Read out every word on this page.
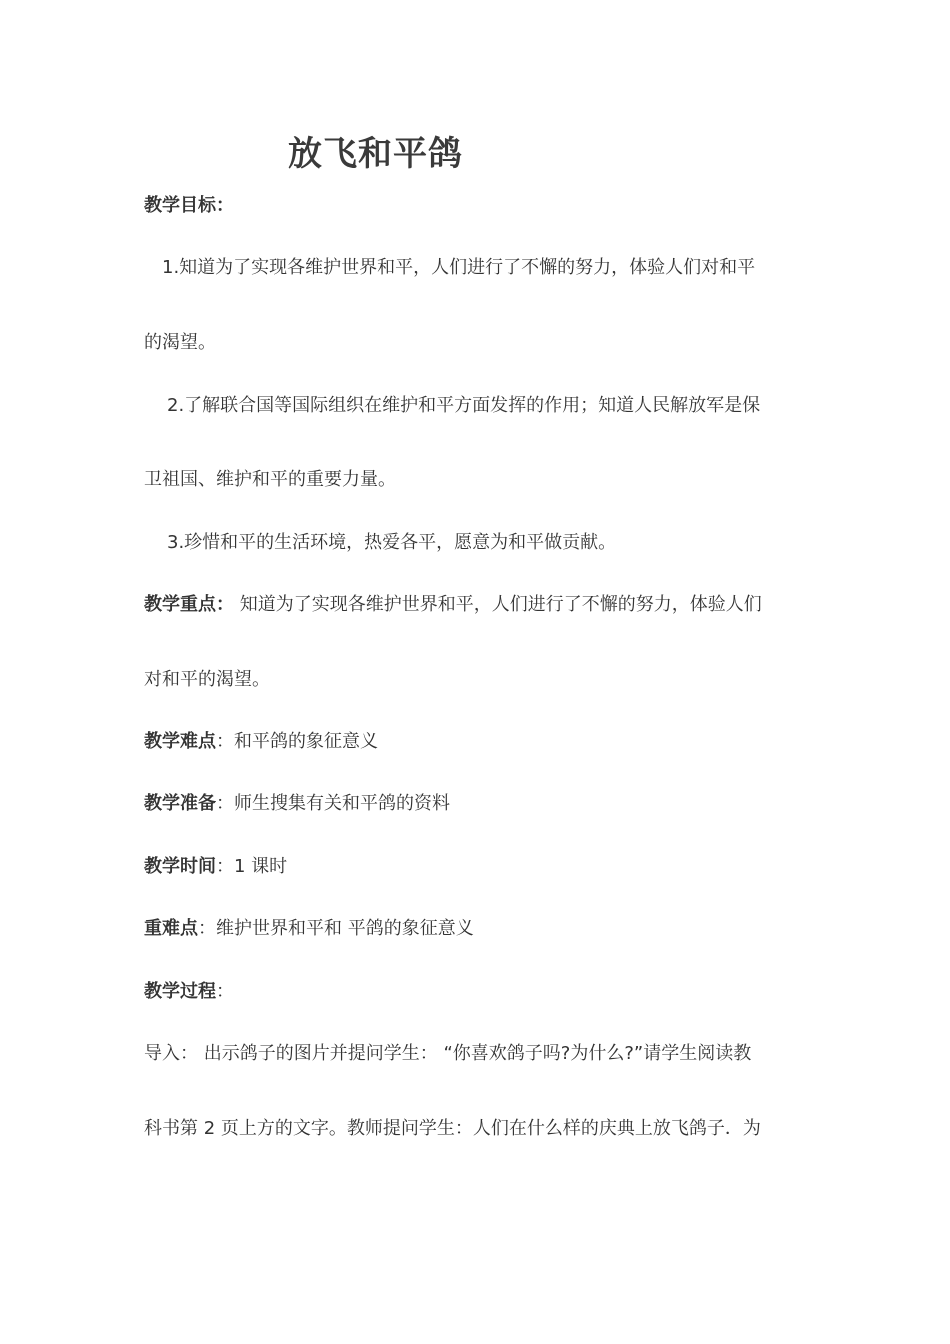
放飞和平鸽
教学目标：
1.知道为了实现各维护世界和平，人们进行了不懈的努力，体验人们对和平
的渴望。
2.了解联合国等国际组织在维护和平方面发挥的作用；知道人民解放军是保
卫祖国、维护和平的重要力量。
3.珍惜和平的生活环境，热爱各平，愿意为和平做贡献。
教学重点： 知道为了实现各维护世界和平，人们进行了不懈的努力，体验人们
对和平的渴望。
教学难点：和平鸽的象征意义
教学准备：师生搜集有关和平鸽的资料
教学时间：1 课时
重难点：维护世界和平和 平鸽的象征意义
教学过程：
导入： 出示鸽子的图片并提问学生： “你喜欢鸽子吗?为什么?”请学生阅读教
科书第 2 页上方的文字。教师提问学生：人们在什么样的庆典上放飞鸽子．为
